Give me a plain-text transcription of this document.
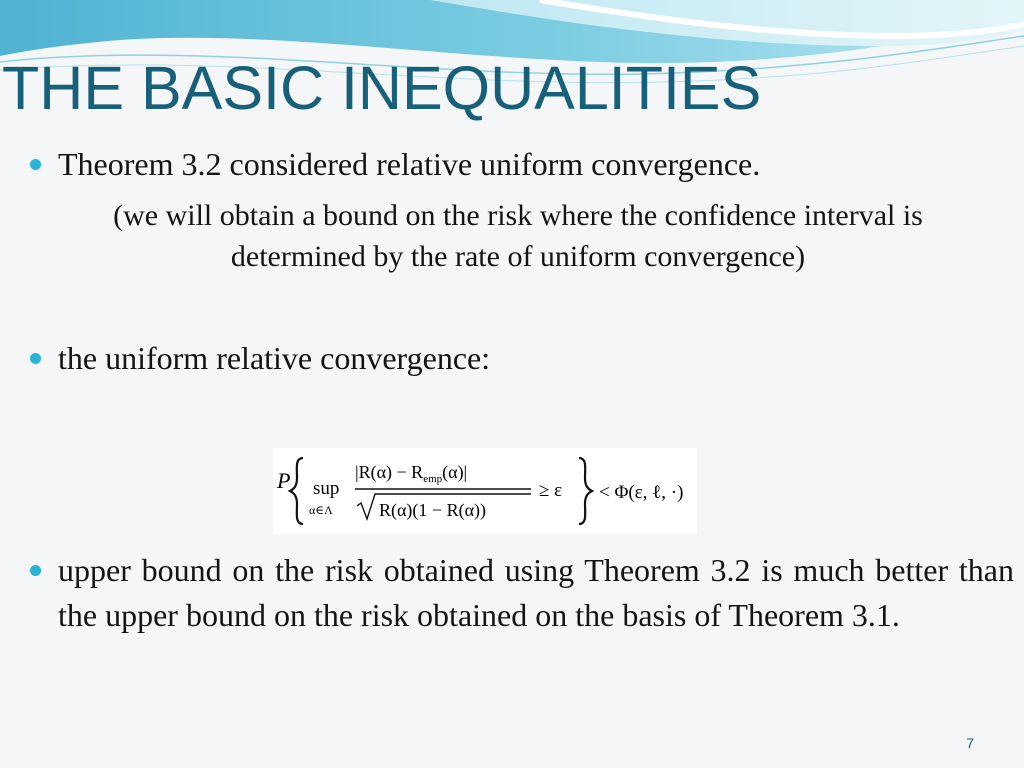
THE BASIC INEQUALITIES
Theorem 3.2 considered relative uniform convergence.
(we will obtain a bound on the risk where the confidence interval is
determined by the rate of uniform convergence)
the uniform relative convergence:
P sup
α∈Λ
$|R(\alpha) - R_{emp}(\alpha)|$
R(α)(1 − R(α))
≥ ε < Φ(ε, ℓ, ·)
upper bound on the risk obtained using Theorem 3.2 is much better than the upper bound on the risk obtained on the basis of Theorem 3.1.
7
